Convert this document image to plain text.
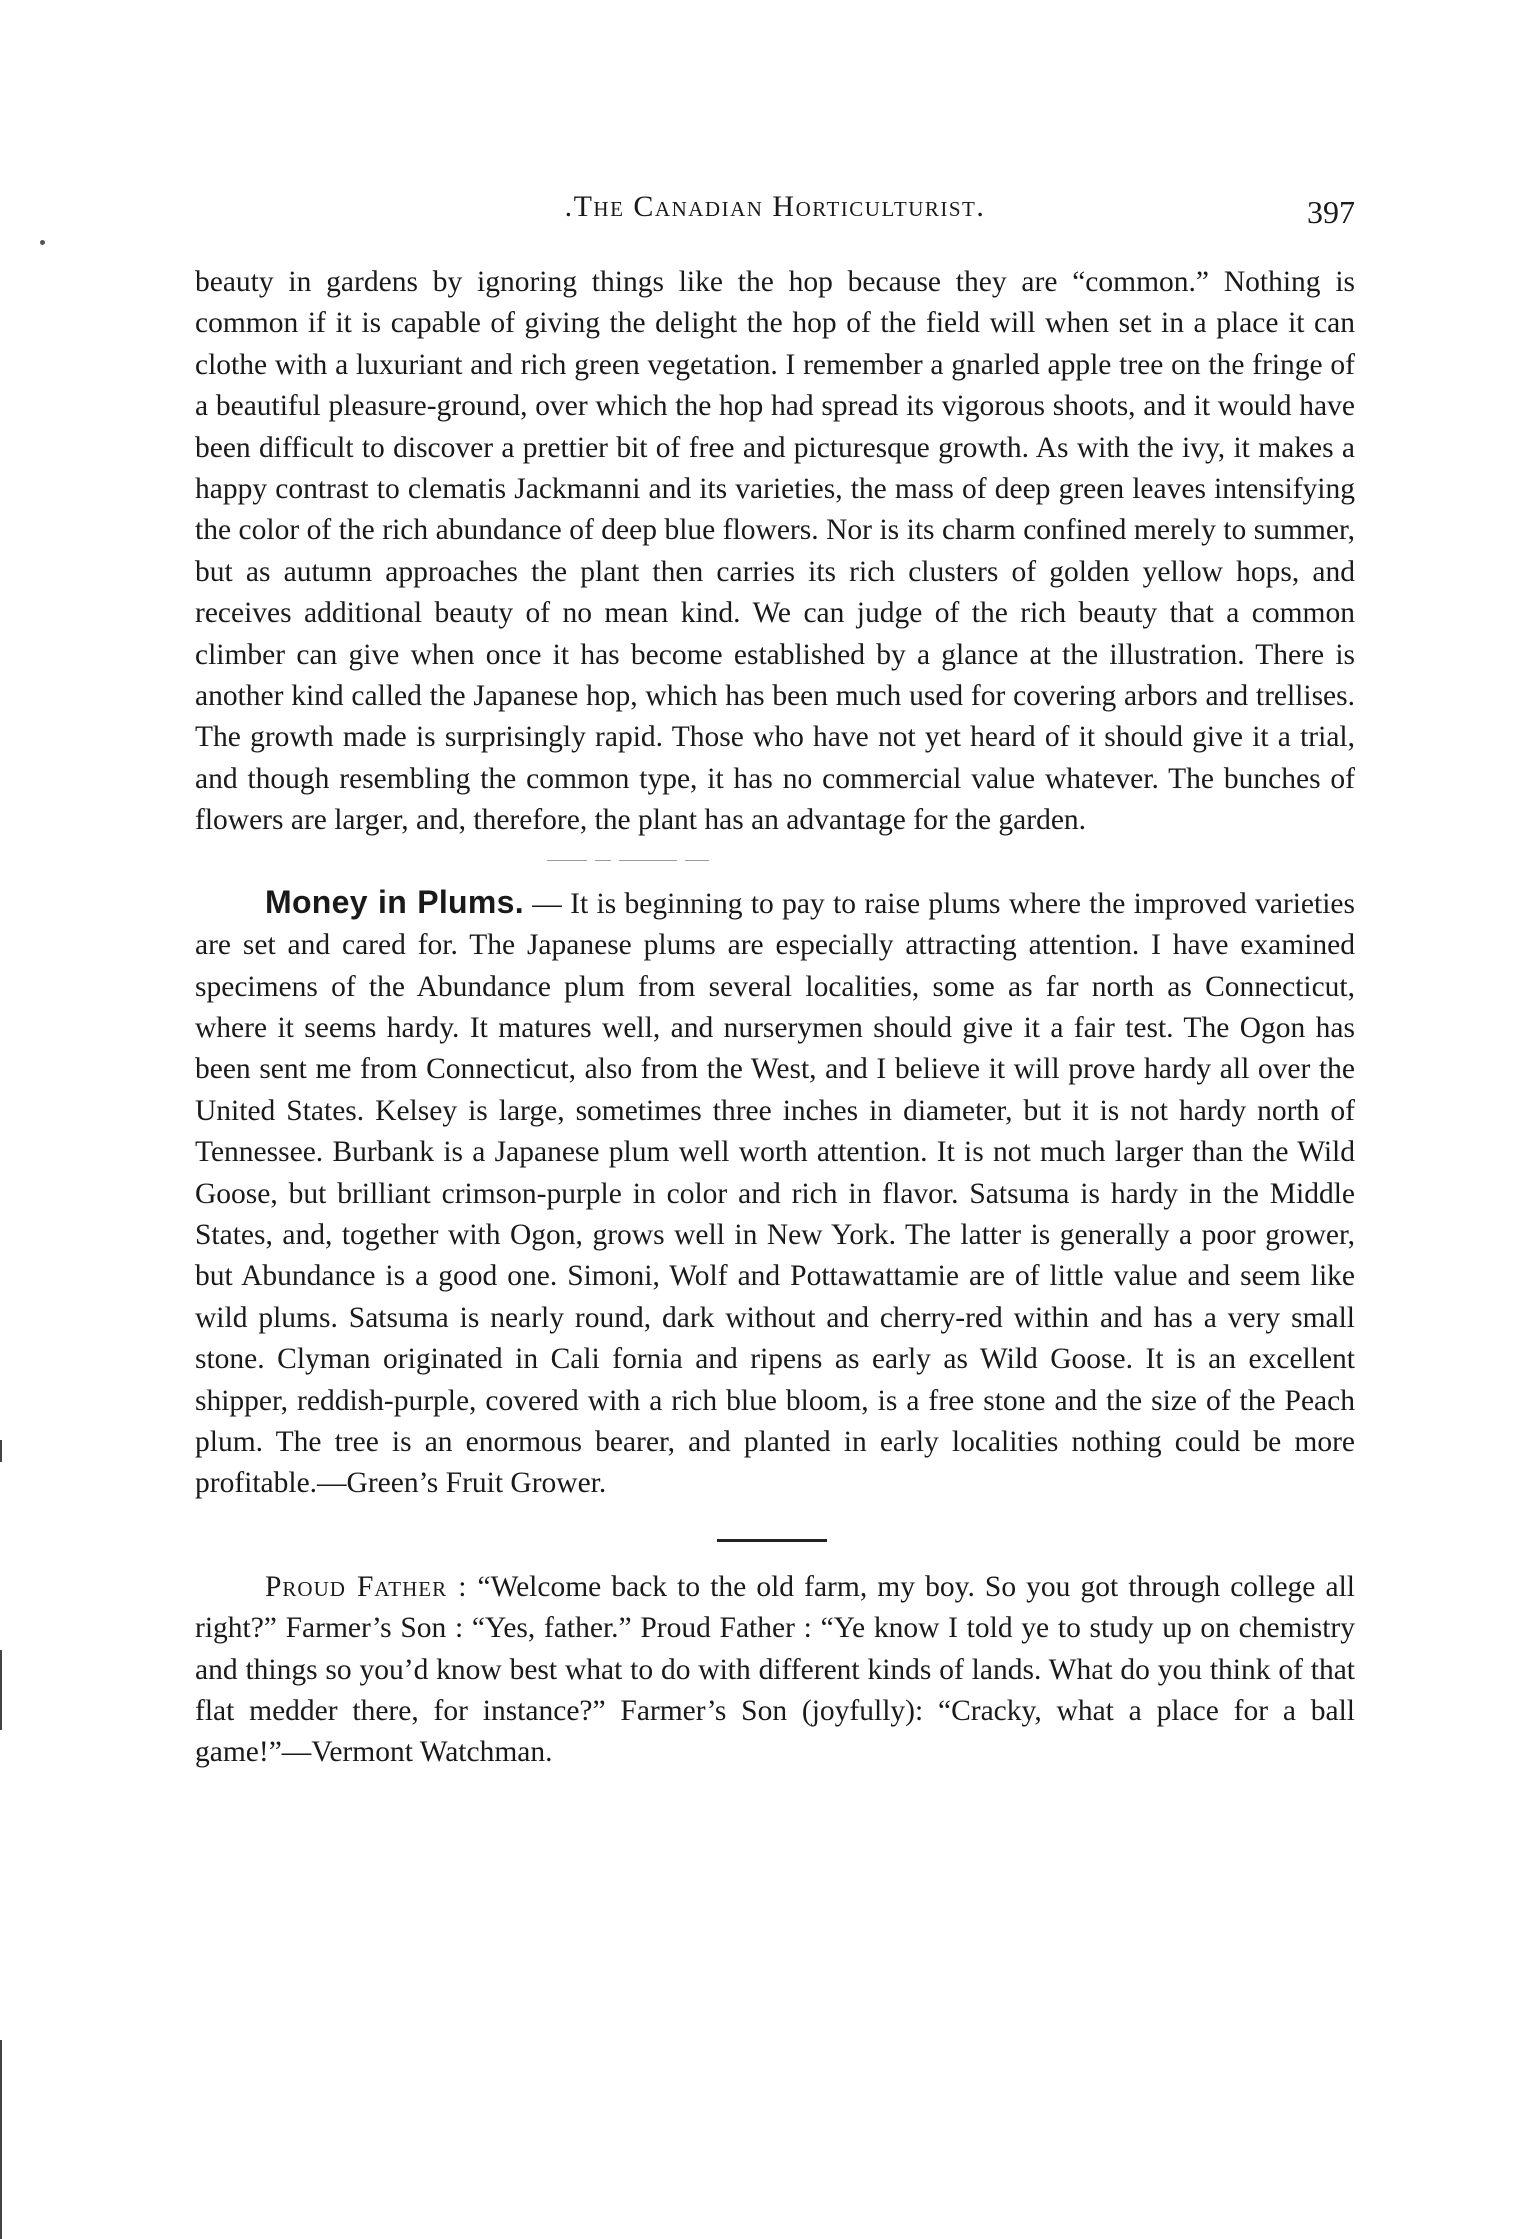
.The Canadian Horticulturist.	397

beauty in gardens by ignoring things like the hop because they are “common.” Nothing is common if it is capable of giving the delight the hop of the field will when set in a place it can clothe with a luxuriant and rich green vegetation. I remember a gnarled apple tree on the fringe of a beautiful pleasure-ground, over which the hop had spread its vigorous shoots, and it would have been difficult to discover a prettier bit of free and picturesque growth. As with the ivy, it makes a happy contrast to clematis Jackmanni and its varieties, the mass of deep green leaves intensifying the color of the rich abundance of deep blue flowers. Nor is its charm confined merely to summer, but as autumn approaches the plant then carries its rich clusters of golden yellow hops, and receives additional beauty of no mean kind. We can judge of the rich beauty that a common climber can give when once it has become established by a glance at the illustration. There is another kind called the Japanese hop, which has been much used for covering arbors and trellises. The growth made is surprisingly rapid. Those who have not yet heard of it should give it a trial, and though resembling the common type, it has no commercial value whatever. The bunches of flowers are larger, and, therefore, the plant has an advantage for the garden.

Money in Plums. — It is beginning to pay to raise plums where the improved varieties are set and cared for. The Japanese plums are especially attracting attention. I have examined specimens of the Abundance plum from several localities, some as far north as Connecticut, where it seems hardy. It matures well, and nurserymen should give it a fair test. The Ogon has been sent me from Connecticut, also from the West, and I believe it will prove hardy all over the United States. Kelsey is large, sometimes three inches in diameter, but it is not hardy north of Tennessee. Burbank is a Japanese plum well worth attention. It is not much larger than the Wild Goose, but brilliant crimson-purple in color and rich in flavor. Satsuma is hardy in the Middle States, and, together with Ogon, grows well in New York. The latter is generally a poor grower, but Abundance is a good one. Simoni, Wolf and Pottawattamie are of little value and seem like wild plums. Satsuma is nearly round, dark without and cherry-red within and has a very small stone. Clyman originated in Cali fornia and ripens as early as Wild Goose. It is an excellent shipper, reddish-purple, covered with a rich blue bloom, is a free stone and the size of the Peach plum. The tree is an enormous bearer, and planted in early localities nothing could be more profitable.—Green’s Fruit Grower.

Proud Father : “Welcome back to the old farm, my boy. So you got through college all right?” Farmer’s Son : “Yes, father.” Proud Father : “Ye know I told ye to study up on chemistry and things so you’d know best what to do with different kinds of lands. What do you think of that flat medder there, for instance?” Farmer’s Son (joyfully): “Cracky, what a place for a ball game!”—Vermont Watchman.
